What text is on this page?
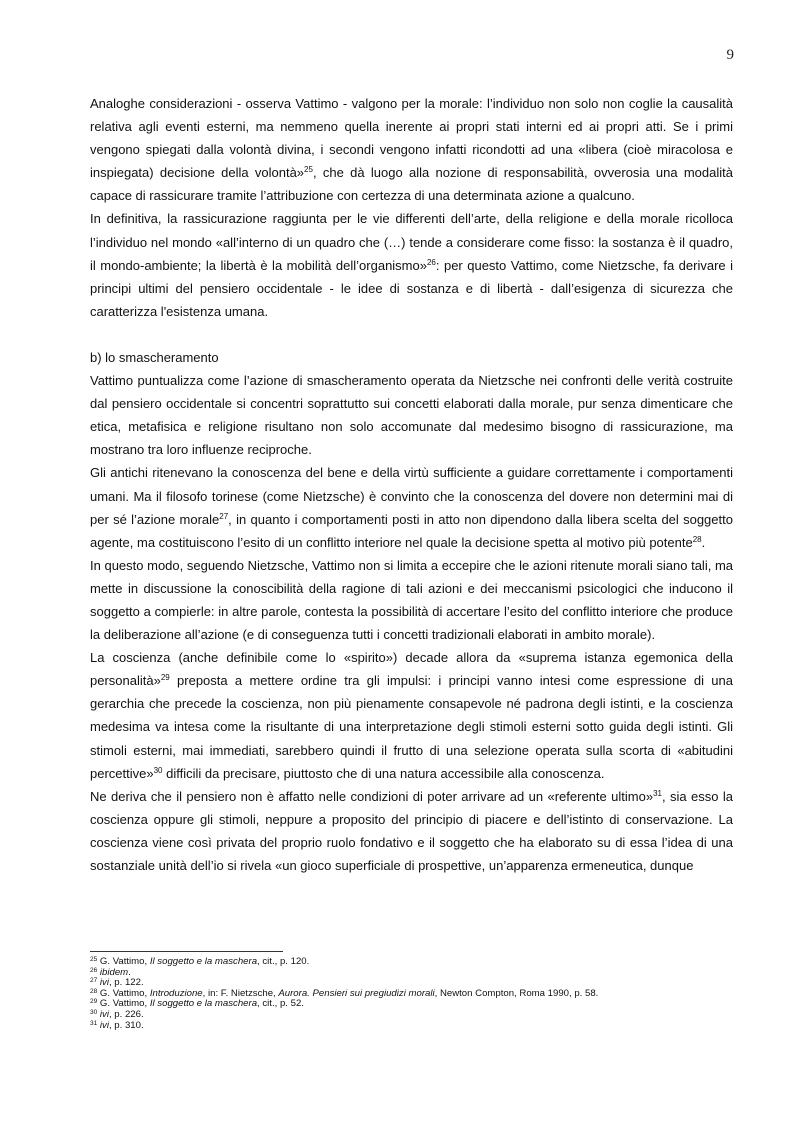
9

Analoghe considerazioni - osserva Vattimo - valgono per la morale: l’individuo non solo non coglie la causalità relativa agli eventi esterni, ma nemmeno quella inerente ai propri stati interni ed ai propri atti. Se i primi vengono spiegati dalla volontà divina, i secondi vengono infatti ricondotti ad una «libera (cioè miracolosa e inspiegata) decisione della volontà»$^{25}$, che dà luogo alla nozione di responsabilità, ovverosia una modalità capace di rassicurare tramite l’attribuzione con certezza di una determinata azione a qualcuno.

In definitiva, la rassicurazione raggiunta per le vie differenti dell’arte, della religione e della morale ricolloca l’individuo nel mondo «all’interno di un quadro che (…) tende a considerare come fisso: la sostanza è il quadro, il mondo-ambiente; la libertà è la mobilità dell’organismo»$^{26}$: per questo Vattimo, come Nietzsche, fa derivare i principi ultimi del pensiero occidentale - le idee di sostanza e di libertà - dall’esigenza di sicurezza che caratterizza l'esistenza umana.

b) lo smascheramento

Vattimo puntualizza come l’azione di smascheramento operata da Nietzsche nei confronti delle verità costruite dal pensiero occidentale si concentri soprattutto sui concetti elaborati dalla morale, pur senza dimenticare che etica, metafisica e religione risultano non solo accomunate dal medesimo bisogno di rassicurazione, ma mostrano tra loro influenze reciproche.

Gli antichi ritenevano la conoscenza del bene e della virtù sufficiente a guidare correttamente i comportamenti umani. Ma il filosofo torinese (come Nietzsche) è convinto che la conoscenza del dovere non determini mai di per sé l’azione morale$^{27}$, in quanto i comportamenti posti in atto non dipendono dalla libera scelta del soggetto agente, ma costituiscono l’esito di un conflitto interiore nel quale la decisione spetta al motivo più potente$^{28}$.

In questo modo, seguendo Nietzsche, Vattimo non si limita a eccepire che le azioni ritenute morali siano tali, ma mette in discussione la conoscibilità della ragione di tali azioni e dei meccanismi psicologici che inducono il soggetto a compierle: in altre parole, contesta la possibilità di accertare l’esito del conflitto interiore che produce la deliberazione all’azione (e di conseguenza tutti i concetti tradizionali elaborati in ambito morale).

La coscienza (anche definibile come lo «spirito») decade allora da «suprema istanza egemonica della personalità»$^{29}$ preposta a mettere ordine tra gli impulsi: i principi vanno intesi come espressione di una gerarchia che precede la coscienza, non più pienamente consapevole né padrona degli istinti, e la coscienza medesima va intesa come la risultante di una interpretazione degli stimoli esterni sotto guida degli istinti. Gli stimoli esterni, mai immediati, sarebbero quindi il frutto di una selezione operata sulla scorta di «abitudini percettive»$^{30}$ difficili da precisare, piuttosto che di una natura accessibile alla conoscenza.

Ne deriva che il pensiero non è affatto nelle condizioni di poter arrivare ad un «referente ultimo»$^{31}$, sia esso la coscienza oppure gli stimoli, neppure a proposito del principio di piacere e dell’istinto di conservazione. La coscienza viene così privata del proprio ruolo fondativo e il soggetto che ha elaborato su di essa l’idea di una sostanziale unità dell’io si rivela «un gioco superficiale di prospettive, un’apparenza ermeneutica, dunque

$^{25}$ G. Vattimo, Il soggetto e la maschera, cit., p. 120.
$^{26}$ ibidem.
$^{27}$ ivi, p. 122.
$^{28}$ G. Vattimo, Introduzione, in: F. Nietzsche, Aurora. Pensieri sui pregiudizi morali, Newton Compton, Roma 1990, p. 58.
$^{29}$ G. Vattimo, Il soggetto e la maschera, cit., p. 52.
$^{30}$ ivi, p. 226.
$^{31}$ ivi, p. 310.
